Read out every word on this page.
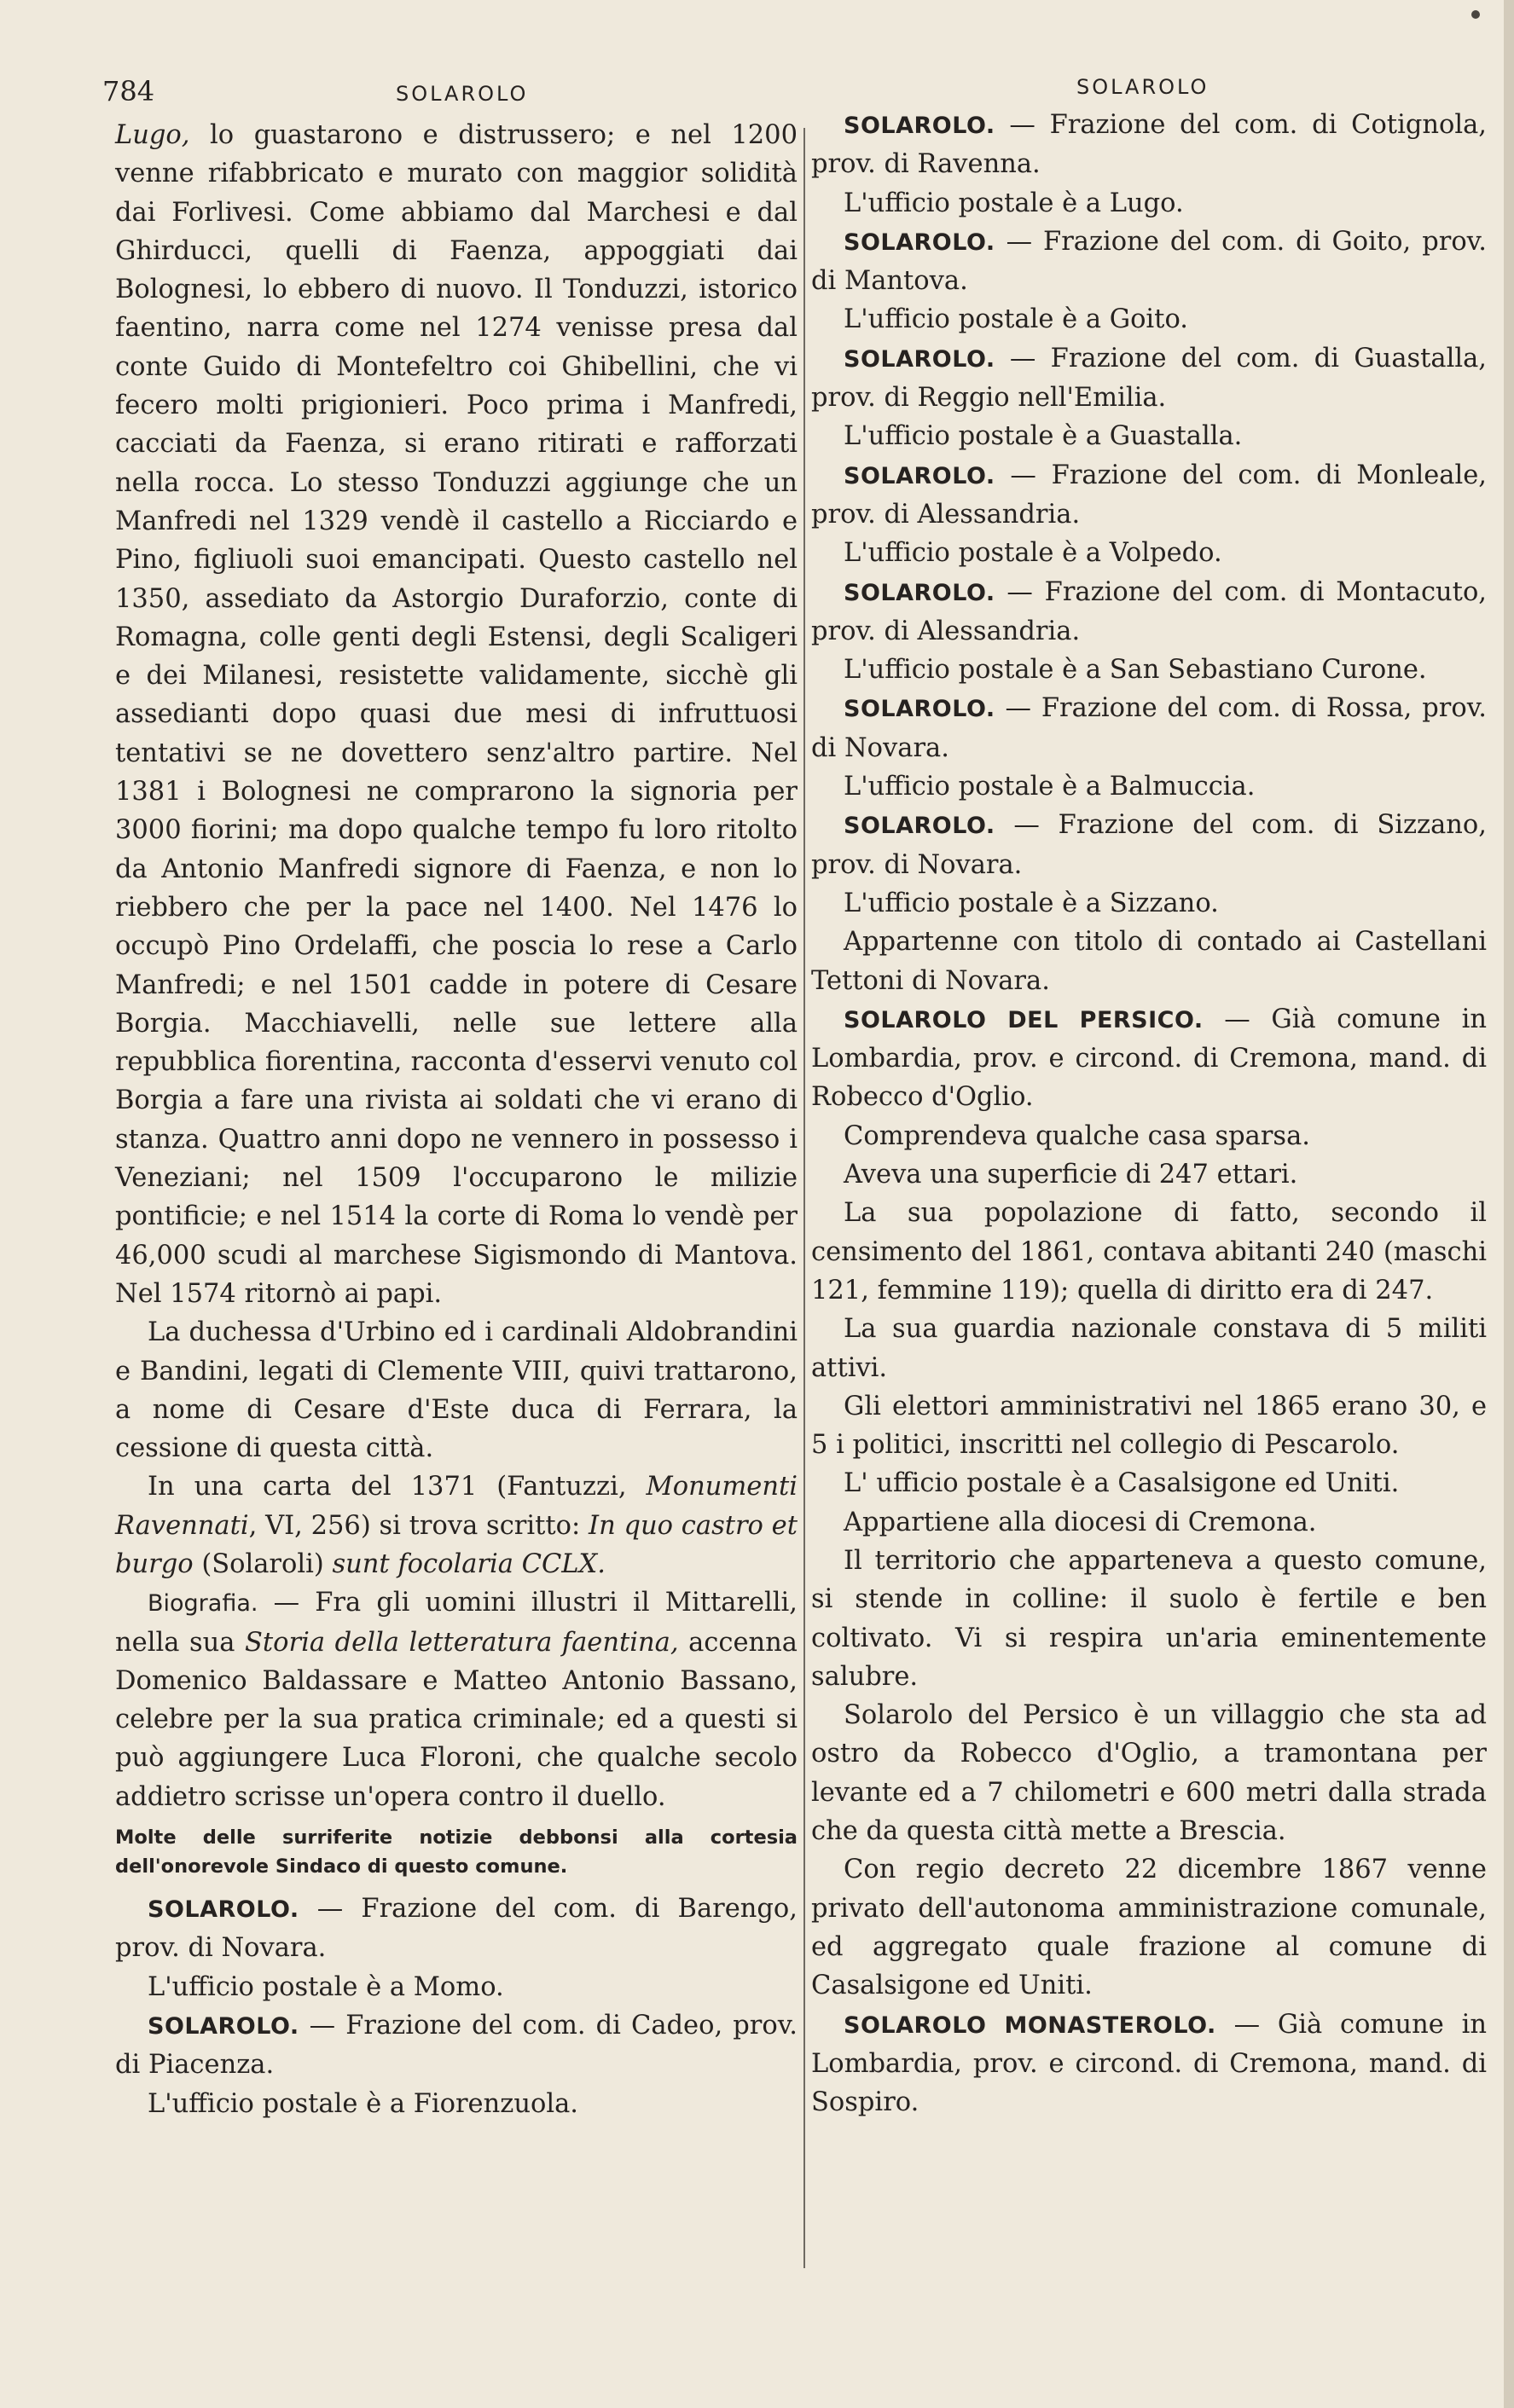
784	SOLAROLO	SOLAROLO

Lugo, lo guastarono e distrussero; e nel 1200 venne rifabbricato e murato con maggior solidità dai Forlivesi. Come abbiamo dal Marchesi e dal Ghirducci, quelli di Faenza, appoggiati dai Bolognesi, lo ebbero di nuovo. Il Tonduzzi, istorico faentino, narra come nel 1274 venisse presa dal conte Guido di Montefeltro coi Ghibellini, che vi fecero molti prigionieri. Poco prima i Manfredi, cacciati da Faenza, si erano ritirati e rafforzati nella rocca. Lo stesso Tonduzzi aggiunge che un Manfredi nel 1329 vendè il castello a Ricciardo e Pino, figliuoli suoi emancipati. Questo castello nel 1350, assediato da Astorgio Duraforzio, conte di Romagna, colle genti degli Estensi, degli Scaligeri e dei Milanesi, resistette validamente, sicchè gli assedianti dopo quasi due mesi di infruttuosi tentativi se ne dovettero senz'altro partire. Nel 1381 i Bolognesi ne comprarono la signoria per 3000 fiorini; ma dopo qualche tempo fu loro ritolto da Antonio Manfredi signore di Faenza, e non lo riebbero che per la pace nel 1400. Nel 1476 lo occupò Pino Ordelaffi, che poscia lo rese a Carlo Manfredi; e nel 1501 cadde in potere di Cesare Borgia. Macchiavelli, nelle sue lettere alla repubblica fiorentina, racconta d'esservi venuto col Borgia a fare una rivista ai soldati che vi erano di stanza. Quattro anni dopo ne vennero in possesso i Veneziani; nel 1509 l'occuparono le milizie pontificie; e nel 1514 la corte di Roma lo vendè per 46,000 scudi al marchese Sigismondo di Mantova. Nel 1574 ritornò ai papi.

La duchessa d'Urbino ed i cardinali Aldobrandini e Bandini, legati di Clemente VIII, quivi trattarono, a nome di Cesare d'Este duca di Ferrara, la cessione di questa città.

In una carta del 1371 (Fantuzzi, Monumenti Ravennati, VI, 256) si trova scritto: In quo castro et burgo (Solaroli) sunt focolaria CCLX.

Biografia. — Fra gli uomini illustri il Mittarelli, nella sua Storia della letteratura faentina, accenna Domenico Baldassare e Matteo Antonio Bassano, celebre per la sua pratica criminale; ed a questi si può aggiungere Luca Floroni, che qualche secolo addietro scrisse un'opera contro il duello.

Molte delle surriferite notizie debbonsi alla cortesia dell'onorevole Sindaco di questo comune.

SOLAROLO. — Frazione del com. di Barengo, prov. di Novara.

L'ufficio postale è a Momo.

SOLAROLO. — Frazione del com. di Cadeo, prov. di Piacenza.

L'ufficio postale è a Fiorenzuola.

SOLAROLO. — Frazione del com. di Cotignola, prov. di Ravenna.

L'ufficio postale è a Lugo.

SOLAROLO. — Frazione del com. di Goito, prov. di Mantova.

L'ufficio postale è a Goito.

SOLAROLO. — Frazione del com. di Guastalla, prov. di Reggio nell'Emilia.

L'ufficio postale è a Guastalla.

SOLAROLO. — Frazione del com. di Monleale, prov. di Alessandria.

L'ufficio postale è a Volpedo.

SOLAROLO. — Frazione del com. di Montacuto, prov. di Alessandria.

L'ufficio postale è a San Sebastiano Curone.

SOLAROLO. — Frazione del com. di Rossa, prov. di Novara.

L'ufficio postale è a Balmuccia.

SOLAROLO. — Frazione del com. di Sizzano, prov. di Novara.

L'ufficio postale è a Sizzano.

Appartenne con titolo di contado ai Castellani Tettoni di Novara.

SOLAROLO DEL PERSICO. — Già comune in Lombardia, prov. e circond. di Cremona, mand. di Robecco d'Oglio.

Comprendeva qualche casa sparsa.

Aveva una superficie di 247 ettari.

La sua popolazione di fatto, secondo il censimento del 1861, contava abitanti 240 (maschi 121, femmine 119); quella di diritto era di 247.

La sua guardia nazionale constava di 5 militi attivi.

Gli elettori amministrativi nel 1865 erano 30, e 5 i politici, inscritti nel collegio di Pescarolo.

L' ufficio postale è a Casalsigone ed Uniti.

Appartiene alla diocesi di Cremona.

Il territorio che apparteneva a questo comune, si stende in colline: il suolo è fertile e ben coltivato. Vi si respira un'aria eminentemente salubre.

Solarolo del Persico è un villaggio che sta ad ostro da Robecco d'Oglio, a tramontana per levante ed a 7 chilometri e 600 metri dalla strada che da questa città mette a Brescia.

Con regio decreto 22 dicembre 1867 venne privato dell'autonoma amministrazione comunale, ed aggregato quale frazione al comune di Casalsigone ed Uniti.

SOLAROLO MONASTEROLO. — Già comune in Lombardia, prov. e circond. di Cremona, mand. di Sospiro.
